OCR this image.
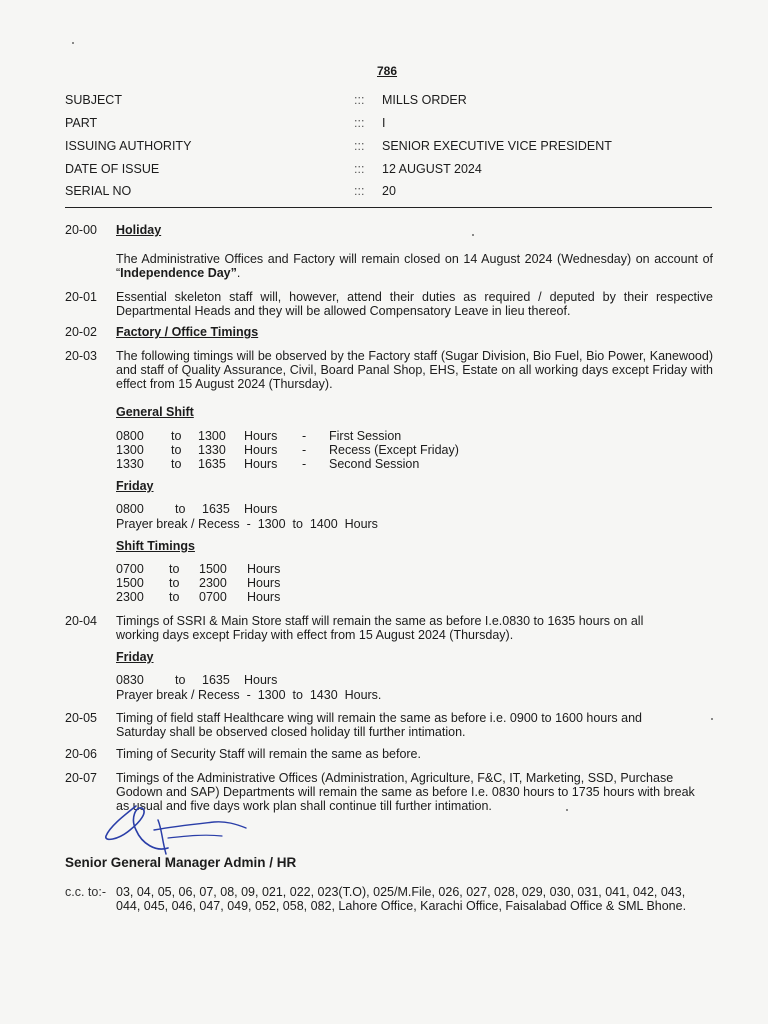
786
SUBJECT	::: MILLS ORDER
PART	::: I
ISSUING AUTHORITY	::: SENIOR EXECUTIVE VICE PRESIDENT
DATE OF ISSUE	::: 12 AUGUST 2024
SERIAL NO	::: 20
20-00 Holiday
The Administrative Offices and Factory will remain closed on 14 August 2024 (Wednesday) on account of “Independence Day”.
20-01 Essential skeleton staff will, however, attend their duties as required / deputed by their respective Departmental Heads and they will be allowed Compensatory Leave in lieu thereof.
20-02 Factory / Office Timings
20-03 The following timings will be observed by the Factory staff (Sugar Division, Bio Fuel, Bio Power, Kanewood) and staff of Quality Assurance, Civil, Board Panal Shop, EHS, Estate on all working days except Friday with effect from 15 August 2024 (Thursday).
General Shift
0800 to 1300 Hours - First Session
1300 to 1330 Hours - Recess (Except Friday)
1330 to 1635 Hours - Second Session
Friday
0800 to 1635 Hours
Prayer break / Recess  -  1300  to  1400  Hours
Shift Timings
0700 to 1500 Hours
1500 to 2300 Hours
2300 to 0700 Hours
20-04 Timings of SSRI & Main Store staff will remain the same as before I.e.0830 to 1635 hours on all working days except Friday with effect from 15 August 2024 (Thursday).
Friday
0830 to 1635 Hours
Prayer break / Recess  -  1300  to  1430  Hours.
20-05 Timing of field staff Healthcare wing will remain the same as before i.e. 0900 to 1600 hours and Saturday shall be observed closed holiday till further intimation.
20-06 Timing of Security Staff will remain the same as before.
20-07 Timings of the Administrative Offices (Administration, Agriculture, F&C, IT, Marketing, SSD, Purchase Godown and SAP) Departments will remain the same as before I.e. 0830 hours to 1735 hours with break as usual and five days work plan shall continue till further intimation.
Senior General Manager Admin / HR
c.c. to:- 03, 04, 05, 06, 07, 08, 09, 021, 022, 023(T.O), 025/M.File, 026, 027, 028, 029, 030, 031, 041, 042, 043, 044, 045, 046, 047, 049, 052, 058, 082, Lahore Office, Karachi Office, Faisalabad Office & SML Bhone.
